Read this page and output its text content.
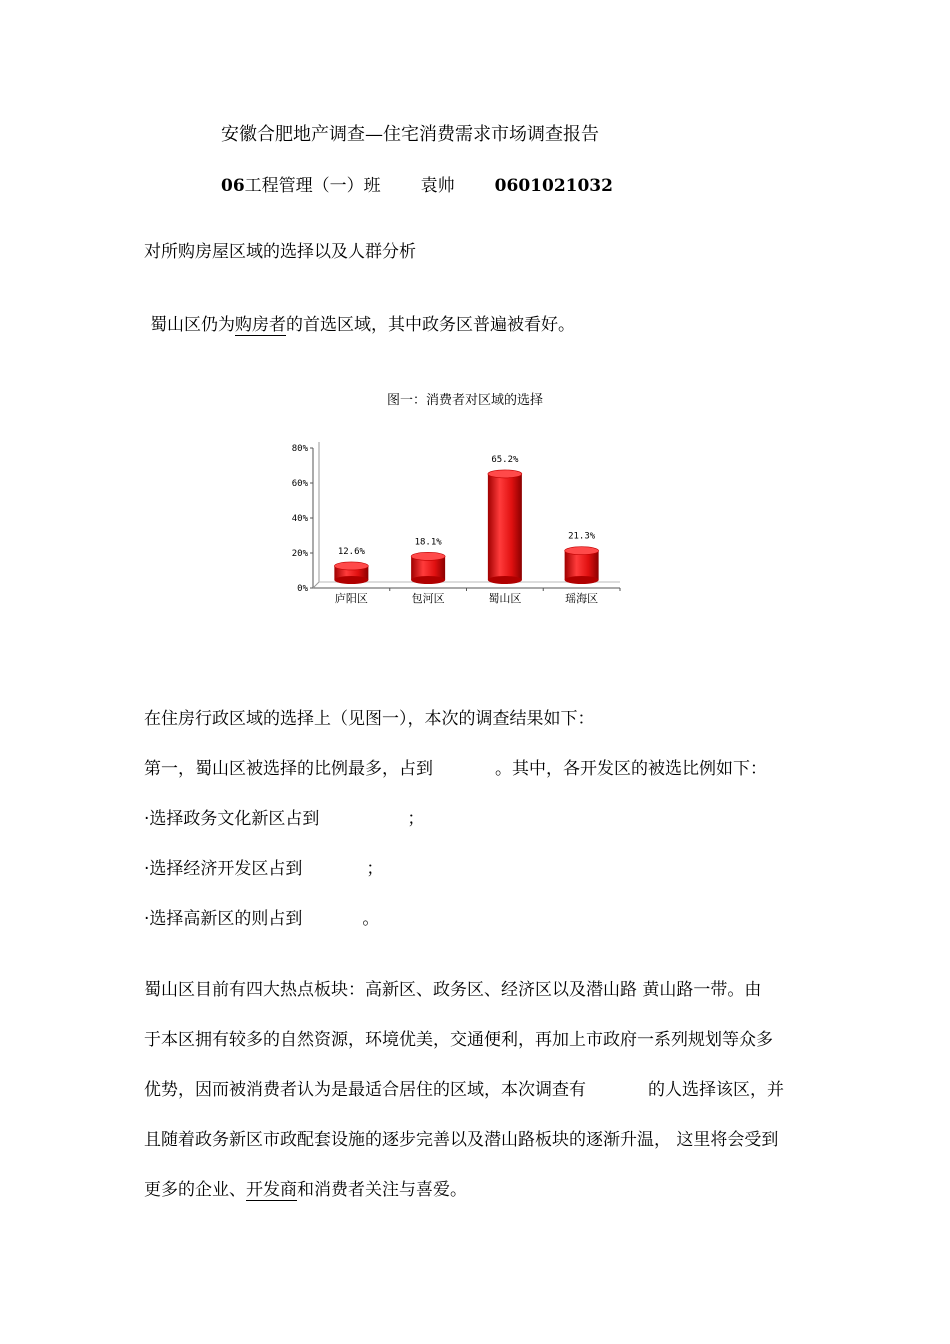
安徽合肥地产调查—住宅消费需求市场调查报告
06工程管理（一）班 袁帅 0601021032
对所购房屋区域的选择以及人群分析
蜀山区仍为购房者的首选区域，其中政务区普遍被看好。
图一：消费者对区域的选择
0%
20%
40%
60%
80%
12.6%
庐阳区
18.1%
包河区
65.2%
蜀山区
21.3%
瑶海区
在住房行政区域的选择上（见图一），本次的调查结果如下：
第一，蜀山区被选择的比例最多，占到	。其中，各开发区的被选比例如下：
·选择政务文化新区占到	；
·选择经济开发区占到	；
·选择高新区的则占到	。
蜀山区目前有四大热点板块：高新区、政务区、经济区以及潜山路 黄山路一带。由
于本区拥有较多的自然资源，环境优美，交通便利，再加上市政府一系列规划等众多
优势，因而被消费者认为是最适合居住的区域，本次调查有	的人选择该区，并
且随着政务新区市政配套设施的逐步完善以及潜山路板块的逐渐升温， 这里将会受到
更多的企业、开发商和消费者关注与喜爱。
